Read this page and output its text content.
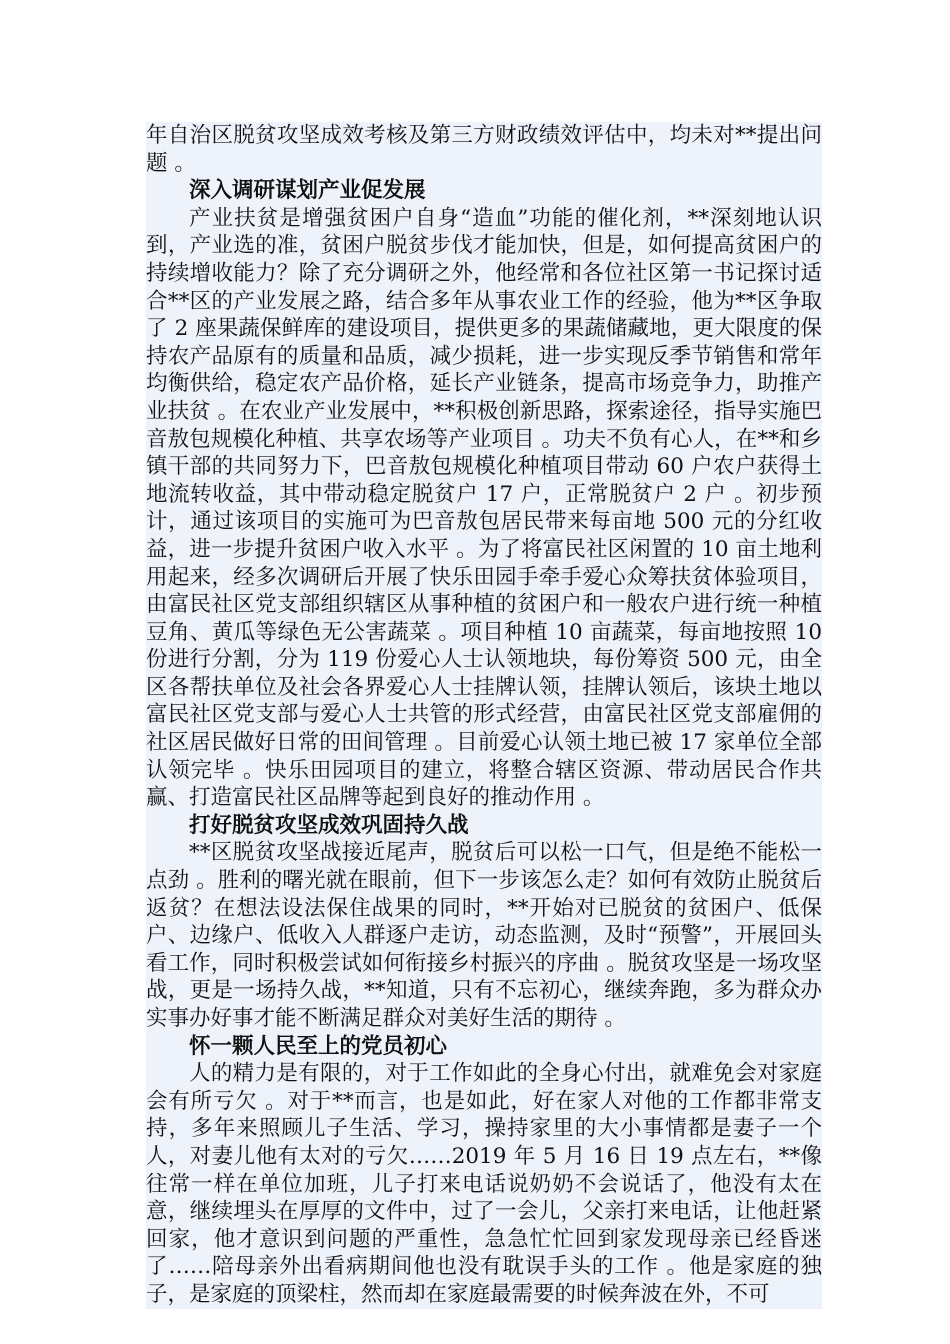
年自治区脱贫攻坚成效考核及第三方财政绩效评估中，均未对**提出问题 。

深入调研谋划产业促发展

产业扶贫是增强贫困户自身“造血”功能的催化剂，**深刻地认识到，产业选的准，贫困户脱贫步伐才能加快，但是，如何提高贫困户的持续增收能力？除了充分调研之外，他经常和各位社区第一书记探讨适合**区的产业发展之路，结合多年从事农业工作的经验，他为**区争取了 2 座果蔬保鲜库的建设项目，提供更多的果蔬储藏地，更大限度的保持农产品原有的质量和品质，减少损耗，进一步实现反季节销售和常年均衡供给，稳定农产品价格，延长产业链条，提高市场竞争力，助推产业扶贫 。在农业产业发展中，**积极创新思路，探索途径，指导实施巴音敖包规模化种植、共享农场等产业项目 。功夫不负有心人，在**和乡镇干部的共同努力下，巴音敖包规模化种植项目带动 60 户农户获得土地流转收益，其中带动稳定脱贫户 17 户，正常脱贫户 2 户 。初步预计，通过该项目的实施可为巴音敖包居民带来每亩地 500 元的分红收益，进一步提升贫困户收入水平 。为了将富民社区闲置的 10 亩土地利用起来，经多次调研后开展了快乐田园手牵手爱心众筹扶贫体验项目，由富民社区党支部组织辖区从事种植的贫困户和一般农户进行统一种植豆角、黄瓜等绿色无公害蔬菜 。项目种植 10 亩蔬菜，每亩地按照 10 份进行分割，分为 119 份爱心人士认领地块，每份筹资 500 元，由全区各帮扶单位及社会各界爱心人士挂牌认领，挂牌认领后，该块土地以富民社区党支部与爱心人士共管的形式经营，由富民社区党支部雇佣的社区居民做好日常的田间管理 。目前爱心认领土地已被 17 家单位全部认领完毕 。快乐田园项目的建立，将整合辖区资源、带动居民合作共赢、打造富民社区品牌等起到良好的推动作用 。

打好脱贫攻坚成效巩固持久战

**区脱贫攻坚战接近尾声，脱贫后可以松一口气，但是绝不能松一点劲 。胜利的曙光就在眼前，但下一步该怎么走？如何有效防止脱贫后返贫？在想法设法保住战果的同时，**开始对已脱贫的贫困户、低保户、边缘户、低收入人群逐户走访，动态监测，及时“预警”，开展回头看工作，同时积极尝试如何衔接乡村振兴的序曲 。脱贫攻坚是一场攻坚战，更是一场持久战，**知道，只有不忘初心，继续奔跑，多为群众办实事办好事才能不断满足群众对美好生活的期待 。

怀一颗人民至上的党员初心

人的精力是有限的，对于工作如此的全身心付出，就难免会对家庭会有所亏欠 。对于**而言，也是如此，好在家人对他的工作都非常支持，多年来照顾儿子生活、学习，操持家里的大小事情都是妻子一个人，对妻儿他有太对的亏欠……2019 年 5 月 16 日 19 点左右，**像往常一样在单位加班，儿子打来电话说奶奶不会说话了，他没有太在意，继续埋头在厚厚的文件中，过了一会儿，父亲打来电话，让他赶紧回家，他才意识到问题的严重性，急急忙忙回到家发现母亲已经昏迷了……陪母亲外出看病期间他也没有耽误手头的工作 。他是家庭的独子，是家庭的顶梁柱，然而却在家庭最需要的时候奔波在外，不可
